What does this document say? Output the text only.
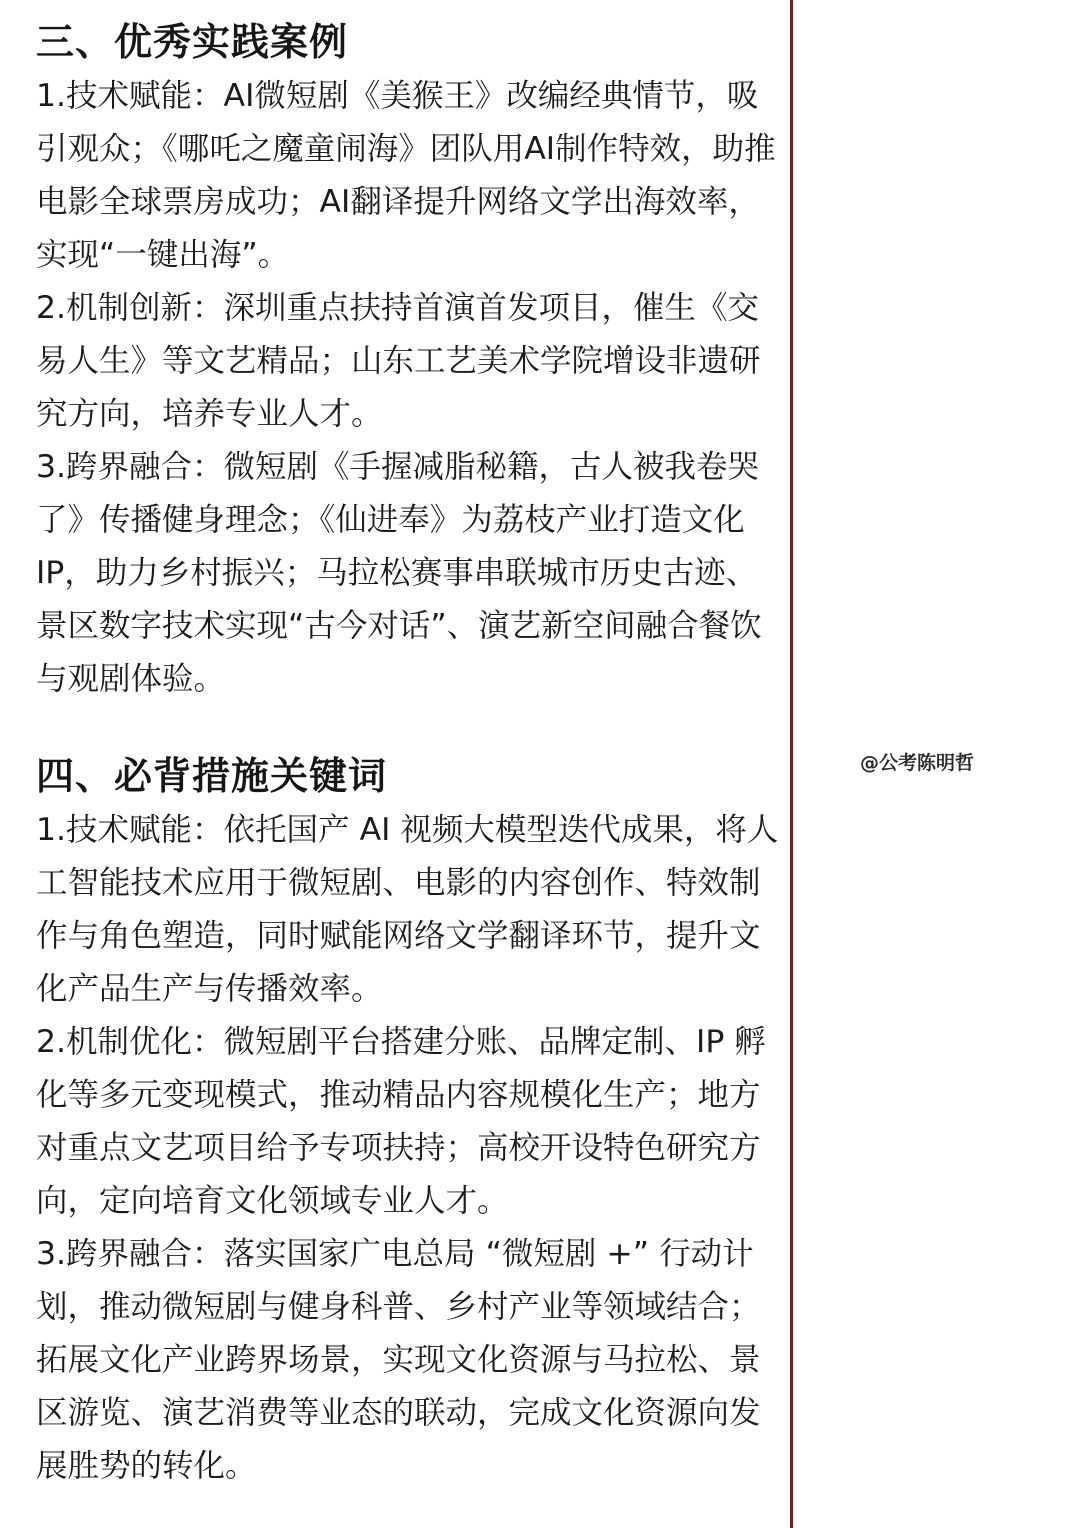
三、优秀实践案例

1.技术赋能：AI微短剧《美猴王》改编经典情节，吸引观众；《哪吒之魔童闹海》团队用AI制作特效，助推电影全球票房成功；AI翻译提升网络文学出海效率，实现“一键出海”。

2.机制创新：深圳重点扶持首演首发项目，催生《交易人生》等文艺精品；山东工艺美术学院增设非遗研究方向，培养专业人才。

3.跨界融合：微短剧《手握减脂秘籍，古人被我卷哭了》传播健身理念；《仙进奉》为荔枝产业打造文化IP，助力乡村振兴；马拉松赛事串联城市历史古迹、景区数字技术实现“古今对话”、演艺新空间融合餐饮与观剧体验。

四、必背措施关键词

1.技术赋能：依托国产 AI 视频大模型迭代成果，将人工智能技术应用于微短剧、电影的内容创作、特效制作与角色塑造，同时赋能网络文学翻译环节，提升文化产品生产与传播效率。

2.机制优化：微短剧平台搭建分账、品牌定制、IP 孵化等多元变现模式，推动精品内容规模化生产；地方对重点文艺项目给予专项扶持；高校开设特色研究方向，定向培育文化领域专业人才。

3.跨界融合：落实国家广电总局 “微短剧 +” 行动计划，推动微短剧与健身科普、乡村产业等领域结合；拓展文化产业跨界场景，实现文化资源与马拉松、景区游览、演艺消费等业态的联动，完成文化资源向发展胜势的转化。

@公考陈明哲
